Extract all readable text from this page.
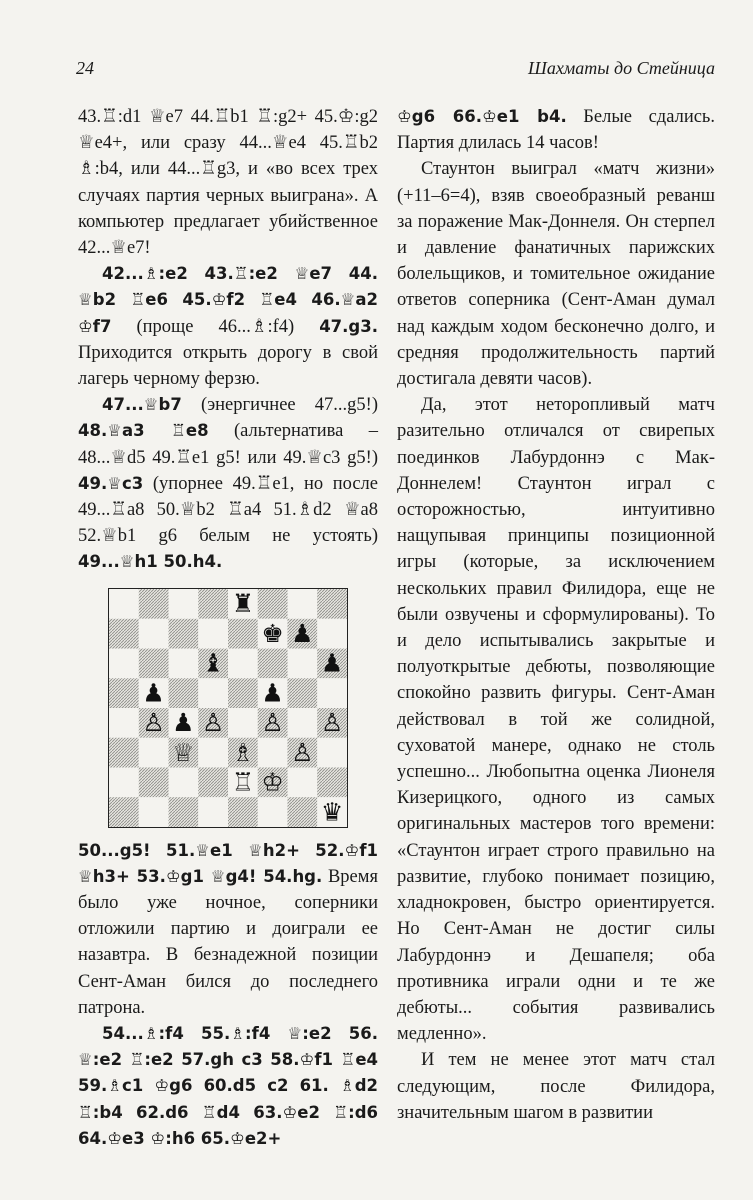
24	Шахматы до Стейница

43.♖:d1 ♕e7 44.♖b1 ♖:g2+ 45.♔:g2 ♕e4+, или сразу 44...♕e4 45.♖b2 ♗:b4, или 44...♖g3, и «во всех трех случаях партия черных выиграна». А компьютер предлагает убийственное 42...♕e7!

42...♗:e2 43.♖:e2 ♕e7 44. ♕b2 ♖e6 45.♔f2 ♖e4 46.♕a2 ♔f7 (проще 46...♗:f4) 47.g3. Приходится открыть дорогу в свой лагерь черному ферзю.

47...♕b7 (энергичнее 47...g5!) 48.♕a3 ♖e8 (альтернатива – 48...♕d5 49.♖e1 g5! или 49.♕c3 g5!) 49.♕c3 (упорнее 49.♖e1, но после 49...♖a8 50.♕b2 ♖a4 51.♗d2 ♕a8 52.♕b1 g6 белым не устоять) 49...♕h1 50.h4.

♜
♚ ♟
♝	♟
♟	♟
♙ ♟ ♙ ♙ ♙
♕ ♗ ♙
♖ ♔
♛

50...g5! 51.♕e1 ♕h2+ 52.♔f1 ♕h3+ 53.♔g1 ♕g4! 54.hg. Время было уже ночное, соперники отложили партию и доиграли ее назавтра. В безнадежной позиции Сент-Аман бился до последнего патрона.

54...♗:f4 55.♗:f4 ♕:e2 56. ♕:e2 ♖:e2 57.gh c3 58.♔f1 ♖e4 59.♗c1 ♔g6 60.d5 c2 61. ♗d2 ♖:b4 62.d6 ♖d4 63.♔e2 ♖:d6 64.♔e3 ♔:h6 65.♔e2+

♔g6 66.♔e1 b4. Белые сдались. Партия длилась 14 часов!

Стаунтон выиграл «матч жизни» (+11–6=4), взяв своеобразный реванш за поражение Мак-Доннеля. Он стерпел и давление фанатичных парижских болельщиков, и томительное ожидание ответов соперника (Сент-Аман думал над каждым ходом бесконечно долго, и средняя продолжительность партий достигала девяти часов).

Да, этот неторопливый матч разительно отличался от свирепых поединков Лабурдоннэ с Мак-Доннелем! Стаунтон играл с осторожностью, интуитивно нащупывая принципы позиционной игры (которые, за исключением нескольких правил Филидора, еще не были озвучены и сформулированы). То и дело испытывались закрытые и полуоткрытые дебюты, позволяющие спокойно развить фигуры. Сент-Аман действовал в той же солидной, суховатой манере, однако не столь успешно... Любопытна оценка Лионеля Кизерицкого, одного из самых оригинальных мастеров того времени: «Стаунтон играет строго правильно на развитие, глубоко понимает позицию, хладнокровен, быстро ориентируется. Но Сент-Аман не достиг силы Лабурдоннэ и Дешапеля; оба противника играли одни и те же дебюты... события развивались медленно».

И тем не менее этот матч стал следующим, после Филидора, значительным шагом в развитии
